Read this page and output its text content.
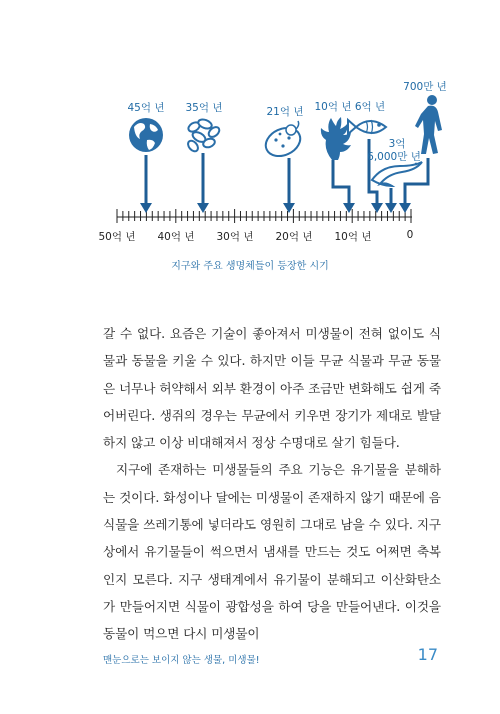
45억 년 35억 년	21억 년 10억 년 6억 년
3억
6,000만 년
700만 년
50억 년 40억 년 30억 년 20억 년 10억 년	0
지구와 주요 생명체들이 등장한 시기

갈 수 없다. 요즘은 기술이 좋아져서 미생물이 전혀 없이도 식물과 동물을 키울 수 있다. 하지만 이들 무균 식물과 무균 동물은 너무나 허약해서 외부 환경이 아주 조금만 변화해도 쉽게 죽어버린다. 생쥐의 경우는 무균에서 키우면 장기가 제대로 발달하지 않고 이상 비대해져서 정상 수명대로 살기 힘들다.

지구에 존재하는 미생물들의 주요 기능은 유기물을 분해하는 것이다. 화성이나 달에는 미생물이 존재하지 않기 때문에 음식물을 쓰레기통에 넣더라도 영원히 그대로 남을 수 있다. 지구 상에서 유기물들이 썩으면서 냄새를 만드는 것도 어쩌면 축복인지 모른다. 지구 생태계에서 유기물이 분해되고 이산화탄소가 만들어지면 식물이 광합성을 하여 당을 만들어낸다. 이것을 동물이 먹으면 다시 미생물이

맨눈으로는 보이지 않는 생물, 미생물!	17
